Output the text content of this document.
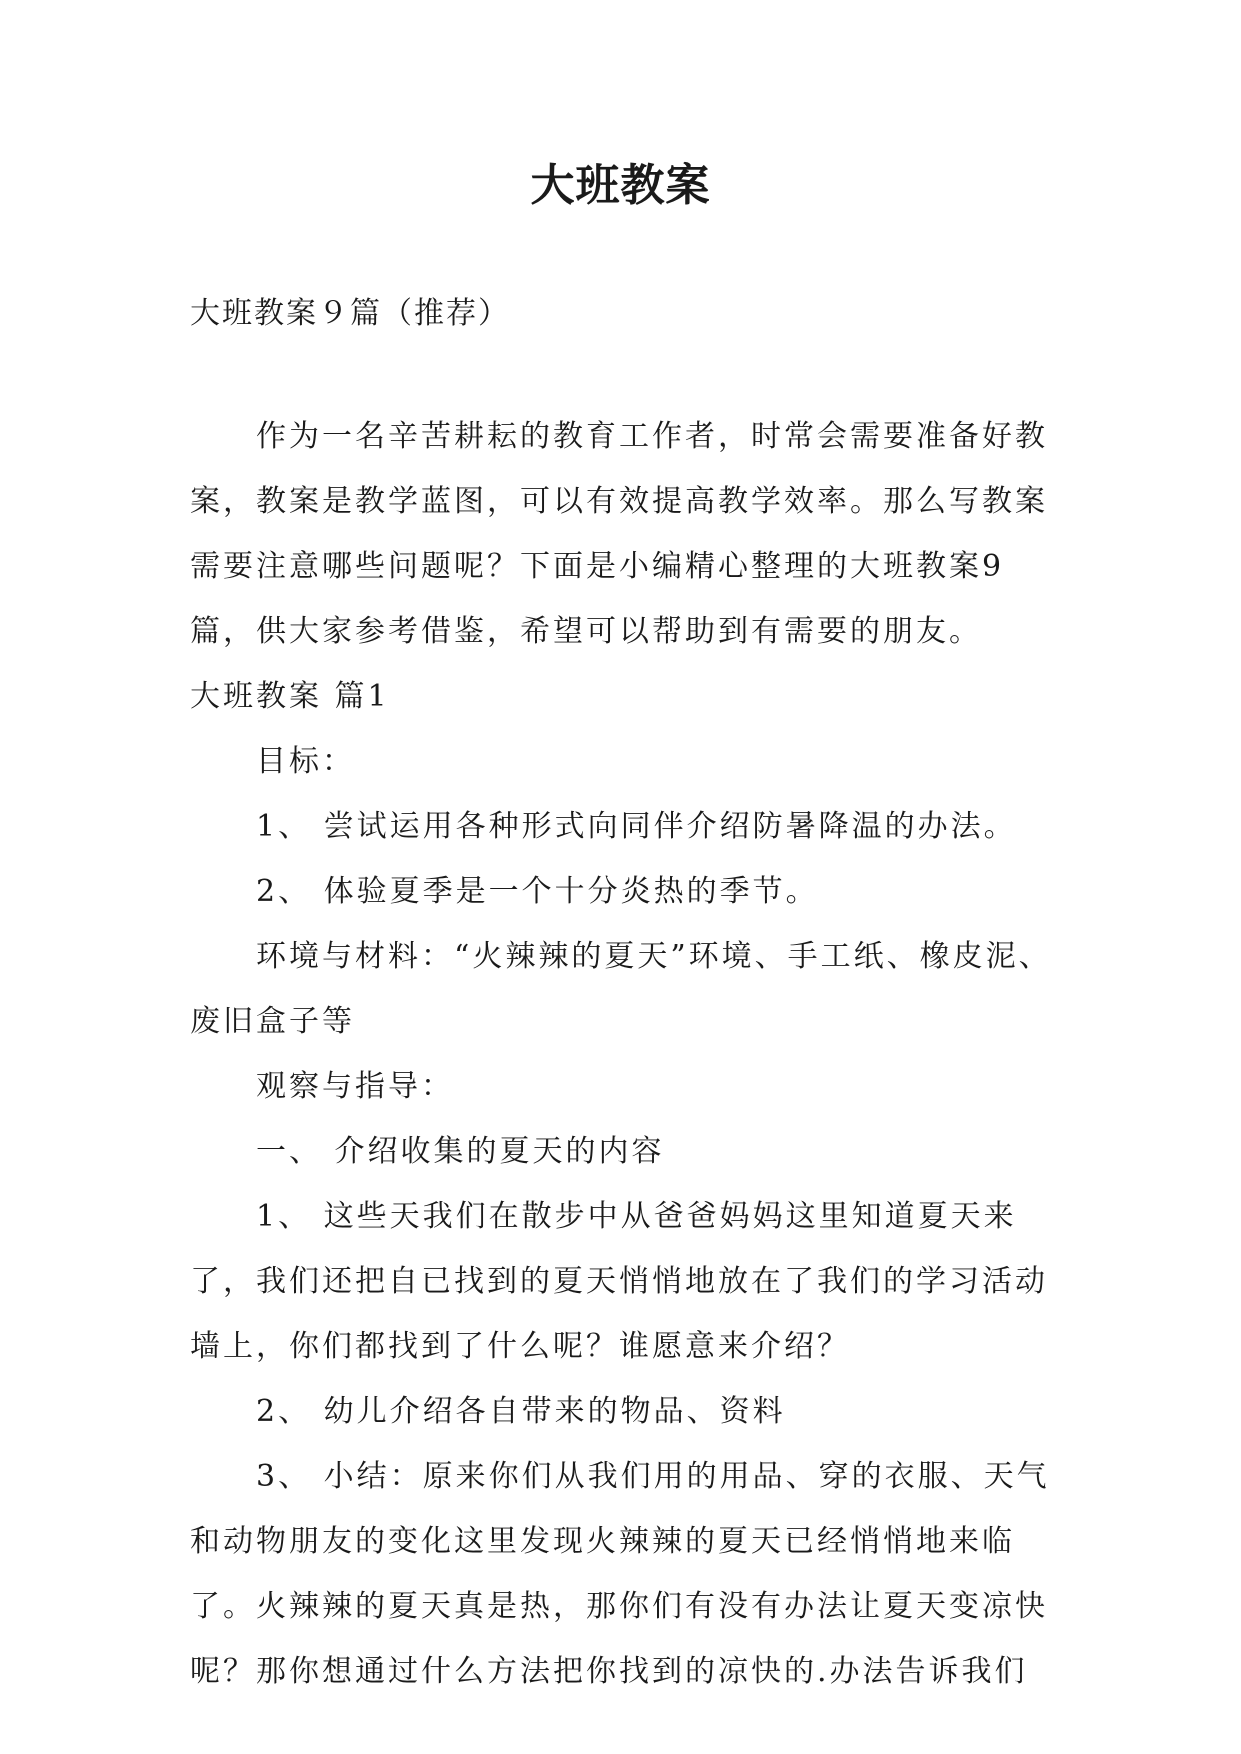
大班教案

大班教案９篇（推荐）

作为一名辛苦耕耘的教育工作者，时常会需要准备好教案，教案是教学蓝图，可以有效提高教学效率。那么写教案需要注意哪些问题呢？下面是小编精心整理的大班教案9篇，供大家参考借鉴，希望可以帮助到有需要的朋友。

大班教案 篇1

目标：

1、 尝试运用各种形式向同伴介绍防暑降温的办法。

2、 体验夏季是一个十分炎热的季节。

环境与材料：“火辣辣的夏天”环境、手工纸、橡皮泥、废旧盒子等

观察与指导：

一、 介绍收集的夏天的内容

1、 这些天我们在散步中从爸爸妈妈这里知道夏天来了，我们还把自已找到的夏天悄悄地放在了我们的学习活动墙上，你们都找到了什么呢？谁愿意来介绍？

2、 幼儿介绍各自带来的物品、资料

3、 小结：原来你们从我们用的用品、穿的衣服、天气和动物朋友的变化这里发现火辣辣的夏天已经悄悄地来临了。火辣辣的夏天真是热，那你们有没有办法让夏天变凉快呢？那你想通过什么方法把你找到的凉快的.办法告诉我们
